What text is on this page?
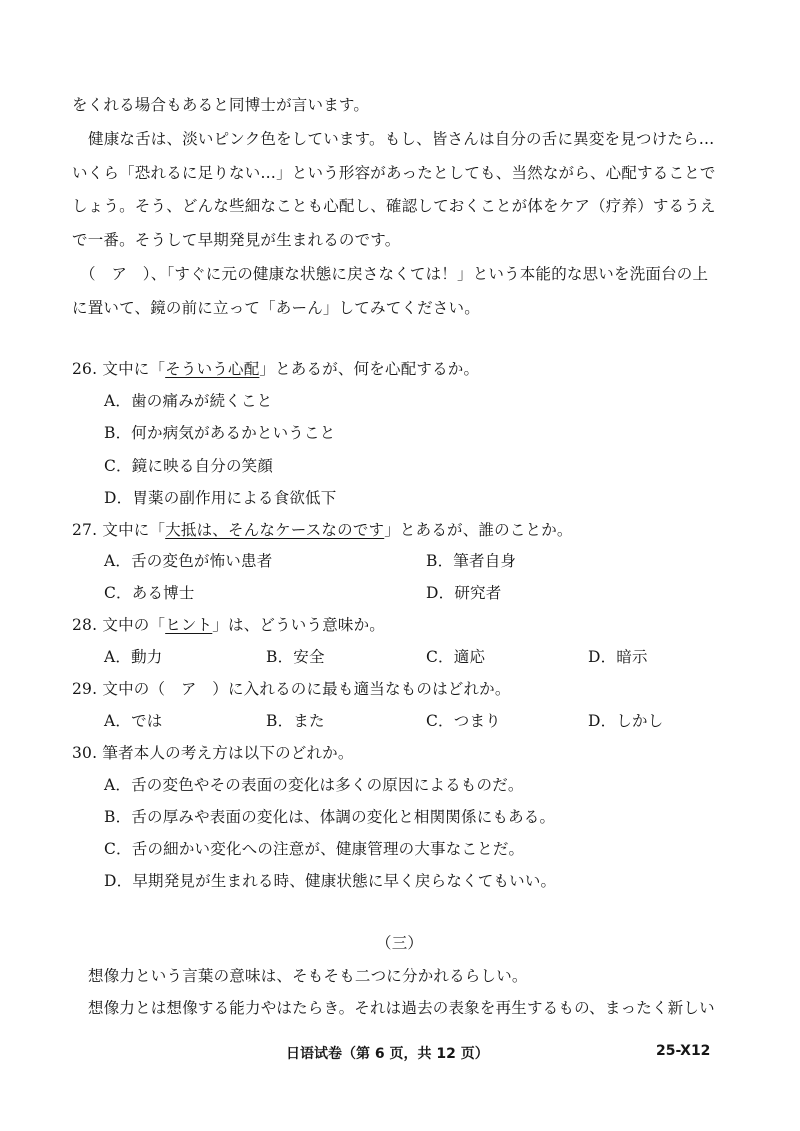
をくれる場合もあると同博士が言います。
健康な舌は、淡いピンク色をしています。もし、皆さんは自分の舌に異変を見つけたら…
いくら「恐れるに足りない…」という形容があったとしても、当然ながら、心配することで
しょう。そう、どんな些細なことも心配し、確認しておくことが体をケア（疗养）するうえ
で一番。そうして早期発見が生まれるのです。
（　ア　）、「すぐに元の健康な状態に戻さなくては！」という本能的な思いを洗面台の上
に置いて、鏡の前に立って「あーん」してみてください。
26. 文中に「そういう心配」とあるが、何を心配するか。
A．歯の痛みが続くこと
B．何か病気があるかということ
C．鏡に映る自分の笑顔
D．胃薬の副作用による食欲低下
27. 文中に「大抵は、そんなケースなのです」とあるが、誰のことか。
A．舌の変色が怖い患者	B．筆者自身
C．ある博士	D．研究者
28. 文中の「ヒント」は、どういう意味か。
A．動力	B．安全	C．適応	D．暗示
29. 文中の（　ア　）に入れるのに最も適当なものはどれか。
A．では	B．また	C．つまり	D．しかし
30. 筆者本人の考え方は以下のどれか。
A．舌の変色やその表面の変化は多くの原因によるものだ。
B．舌の厚みや表面の変化は、体調の変化と相関関係にもある。
C．舌の細かい変化への注意が、健康管理の大事なことだ。
D．早期発見が生まれる時、健康状態に早く戻らなくてもいい。
（三）
想像力という言葉の意味は、そもそも二つに分かれるらしい。
想像力とは想像する能力やはたらき。それは過去の表象を再生するもの、まったく新しい
日语试卷（第 6 页，共 12 页）	25-X12
